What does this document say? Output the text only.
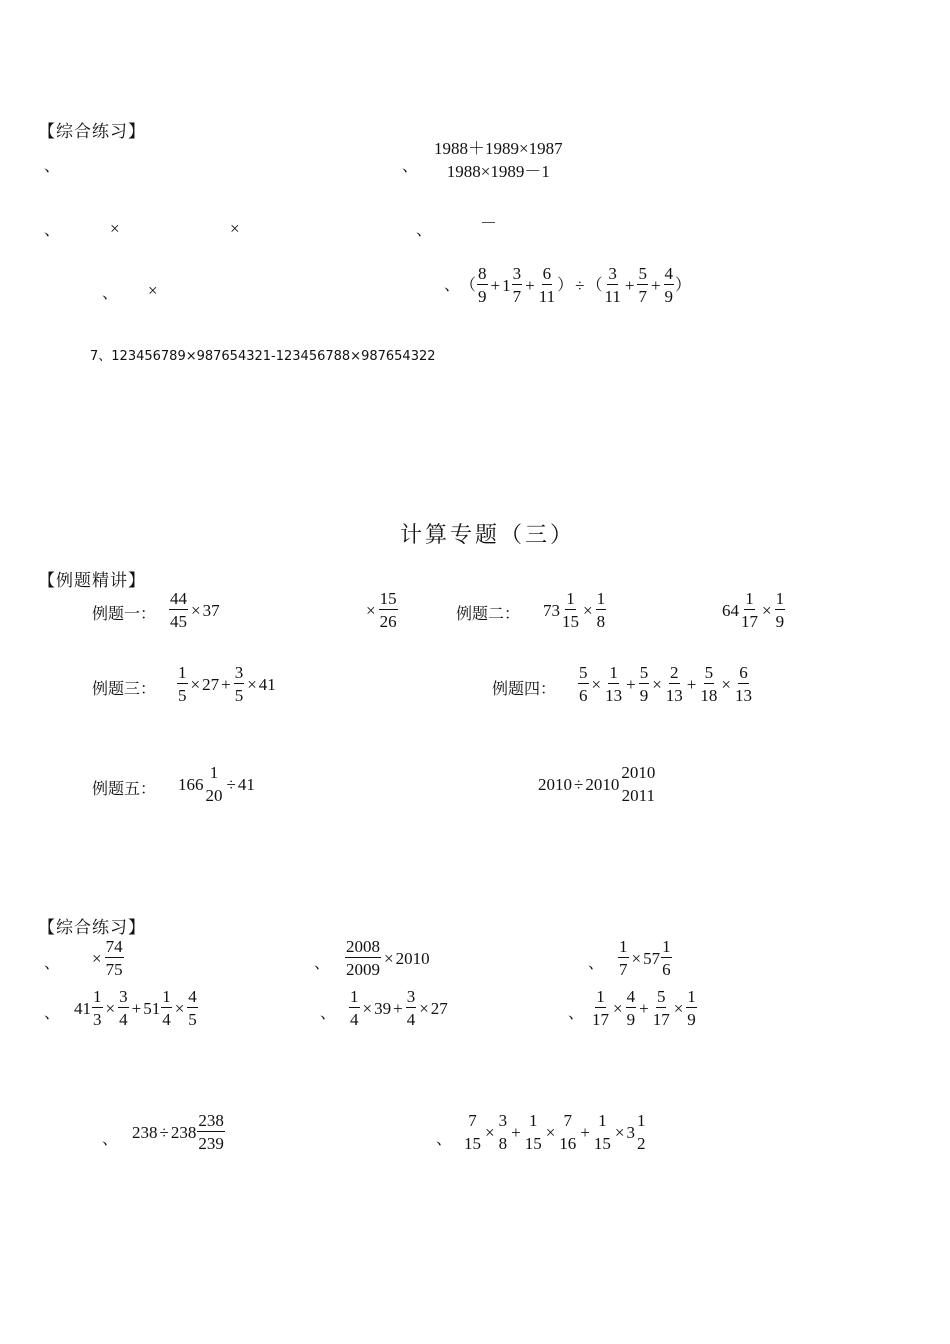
【综合练习】
、	、
1988＋1989×1987
1988×1989－1
、	×	×	、	－
、 ×	、 （ $\frac{8}{9} + 1 \frac{3}{7} + \frac{6}{11}$ ） ÷ （ $\frac{3}{11} + \frac{5}{7} + \frac{4}{9}$ ）
7、123456789×987654321-123456788×987654322
计算专题（三）
【例题精讲】
例题一： $\frac{44}{45} \times 37$	× $\frac{15}{26}$	例题二： $73 \frac{1}{15} \times \frac{1}{8}$	$64 \frac{1}{17} \times \frac{1}{9}$
例题三： $\frac{1}{5} \times 27 + \frac{3}{5} \times 41$	例题四： $\frac{5}{6} \times \frac{1}{13} + \frac{5}{9} \times \frac{2}{13} + \frac{5}{18} \times \frac{6}{13}$
例题五： 166
1
20
÷ 41	2010 ÷ 2010
2010
2011
【综合练习】
、 × $\frac{74}{75}$	、 $\frac{2008}{2009} \times 2010$	、 $\frac{1}{7} \times 57 \frac{1}{6}$
、 $41 \frac{1}{3} \times \frac{3}{4} + 51 \frac{1}{4} \times \frac{4}{5}$	、 $\frac{1}{4} \times 39 + \frac{3}{4} \times 27$	、 $\frac{1}{17} \times \frac{4}{9} + \frac{5}{17} \times \frac{1}{9}$
、 $238 \div 238 \frac{238}{239}$	、
7
15
×
3
8
+
1
15
×
7
16
+
1
15
× 3
1
2
